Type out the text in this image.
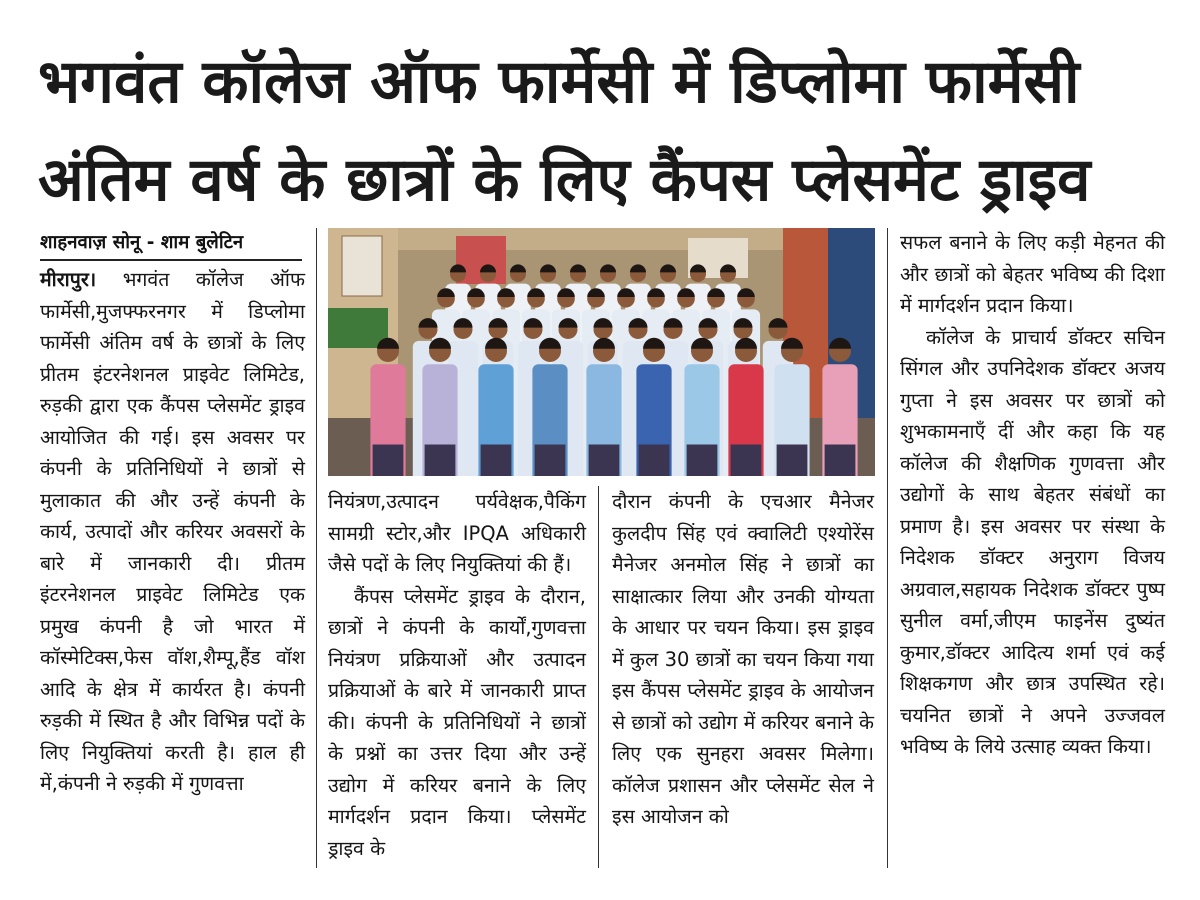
भगवंत कॉलेज ऑफ फार्मेसी में डिप्लोमा फार्मेसी
अंतिम वर्ष के छात्रों के लिए कैंपस प्लेसमेंट ड्राइव
शाहनवाज़ सोनू - शाम बुलेटिन

मीरापुर। भगवंत कॉलेज ऑफ फार्मेसी,मुजफ्फरनगर में डिप्लोमा फार्मेसी अंतिम वर्ष के छात्रों के लिए प्रीतम इंटरनेशनल प्राइवेट लिमिटेड, रुड़की द्वारा एक कैंपस प्लेसमेंट ड्राइव आयोजित की गई। इस अवसर पर कंपनी के प्रतिनिधियों ने छात्रों से मुलाकात की और उन्हें कंपनी के कार्य, उत्पादों और करियर अवसरों के बारे में जानकारी दी। प्रीतम इंटरनेशनल प्राइवेट लिमिटेड एक प्रमुख कंपनी है जो भारत में कॉस्मेटिक्स,फेस वॉश,शैम्पू,हैंड वॉश आदि के क्षेत्र में कार्यरत है। कंपनी रुड़की में स्थित है और विभिन्न पदों के लिए नियुक्तियां करती है। हाल ही में,कंपनी ने रुड़की में गुणवत्ता

नियंत्रण,उत्पादन पर्यवेक्षक,पैकिंग सामग्री स्टोर,और IPQA अधिकारी जैसे पदों के लिए नियुक्तियां की हैं।

कैंपस प्लेसमेंट ड्राइव के दौरान, छात्रों ने कंपनी के कार्यों,गुणवत्ता नियंत्रण प्रक्रियाओं और उत्पादन प्रक्रियाओं के बारे में जानकारी प्राप्त की। कंपनी के प्रतिनिधियों ने छात्रों के प्रश्नों का उत्तर दिया और उन्हें उद्योग में करियर बनाने के लिए मार्गदर्शन प्रदान किया। प्लेसमेंट ड्राइव के

दौरान कंपनी के एचआर मैनेजर कुलदीप सिंह एवं क्वालिटी एश्योरेंस मैनेजर अनमोल सिंह ने छात्रों का साक्षात्कार लिया और उनकी योग्यता के आधार पर चयन किया। इस ड्राइव में कुल 30 छात्रों का चयन किया गया इस कैंपस प्लेसमेंट ड्राइव के आयोजन से छात्रों को उद्योग में करियर बनाने के लिए एक सुनहरा अवसर मिलेगा। कॉलेज प्रशासन और प्लेसमेंट सेल ने इस आयोजन को

सफल बनाने के लिए कड़ी मेहनत की और छात्रों को बेहतर भविष्य की दिशा में मार्गदर्शन प्रदान किया।

कॉलेज के प्राचार्य डॉक्टर सचिन सिंगल और उपनिदेशक डॉक्टर अजय गुप्ता ने इस अवसर पर छात्रों को शुभकामनाएँ दीं और कहा कि यह कॉलेज की शैक्षणिक गुणवत्ता और उद्योगों के साथ बेहतर संबंधों का प्रमाण है। इस अवसर पर संस्था के निदेशक डॉक्टर अनुराग विजय अग्रवाल,सहायक निदेशक डॉक्टर पुष्प सुनील वर्मा,जीएम फाइनेंस दुष्यंत कुमार,डॉक्टर आदित्य शर्मा एवं कई शिक्षकगण और छात्र उपस्थित रहे। चयनित छात्रों ने अपने उज्जवल भविष्य के लिये उत्साह व्यक्त किया।
